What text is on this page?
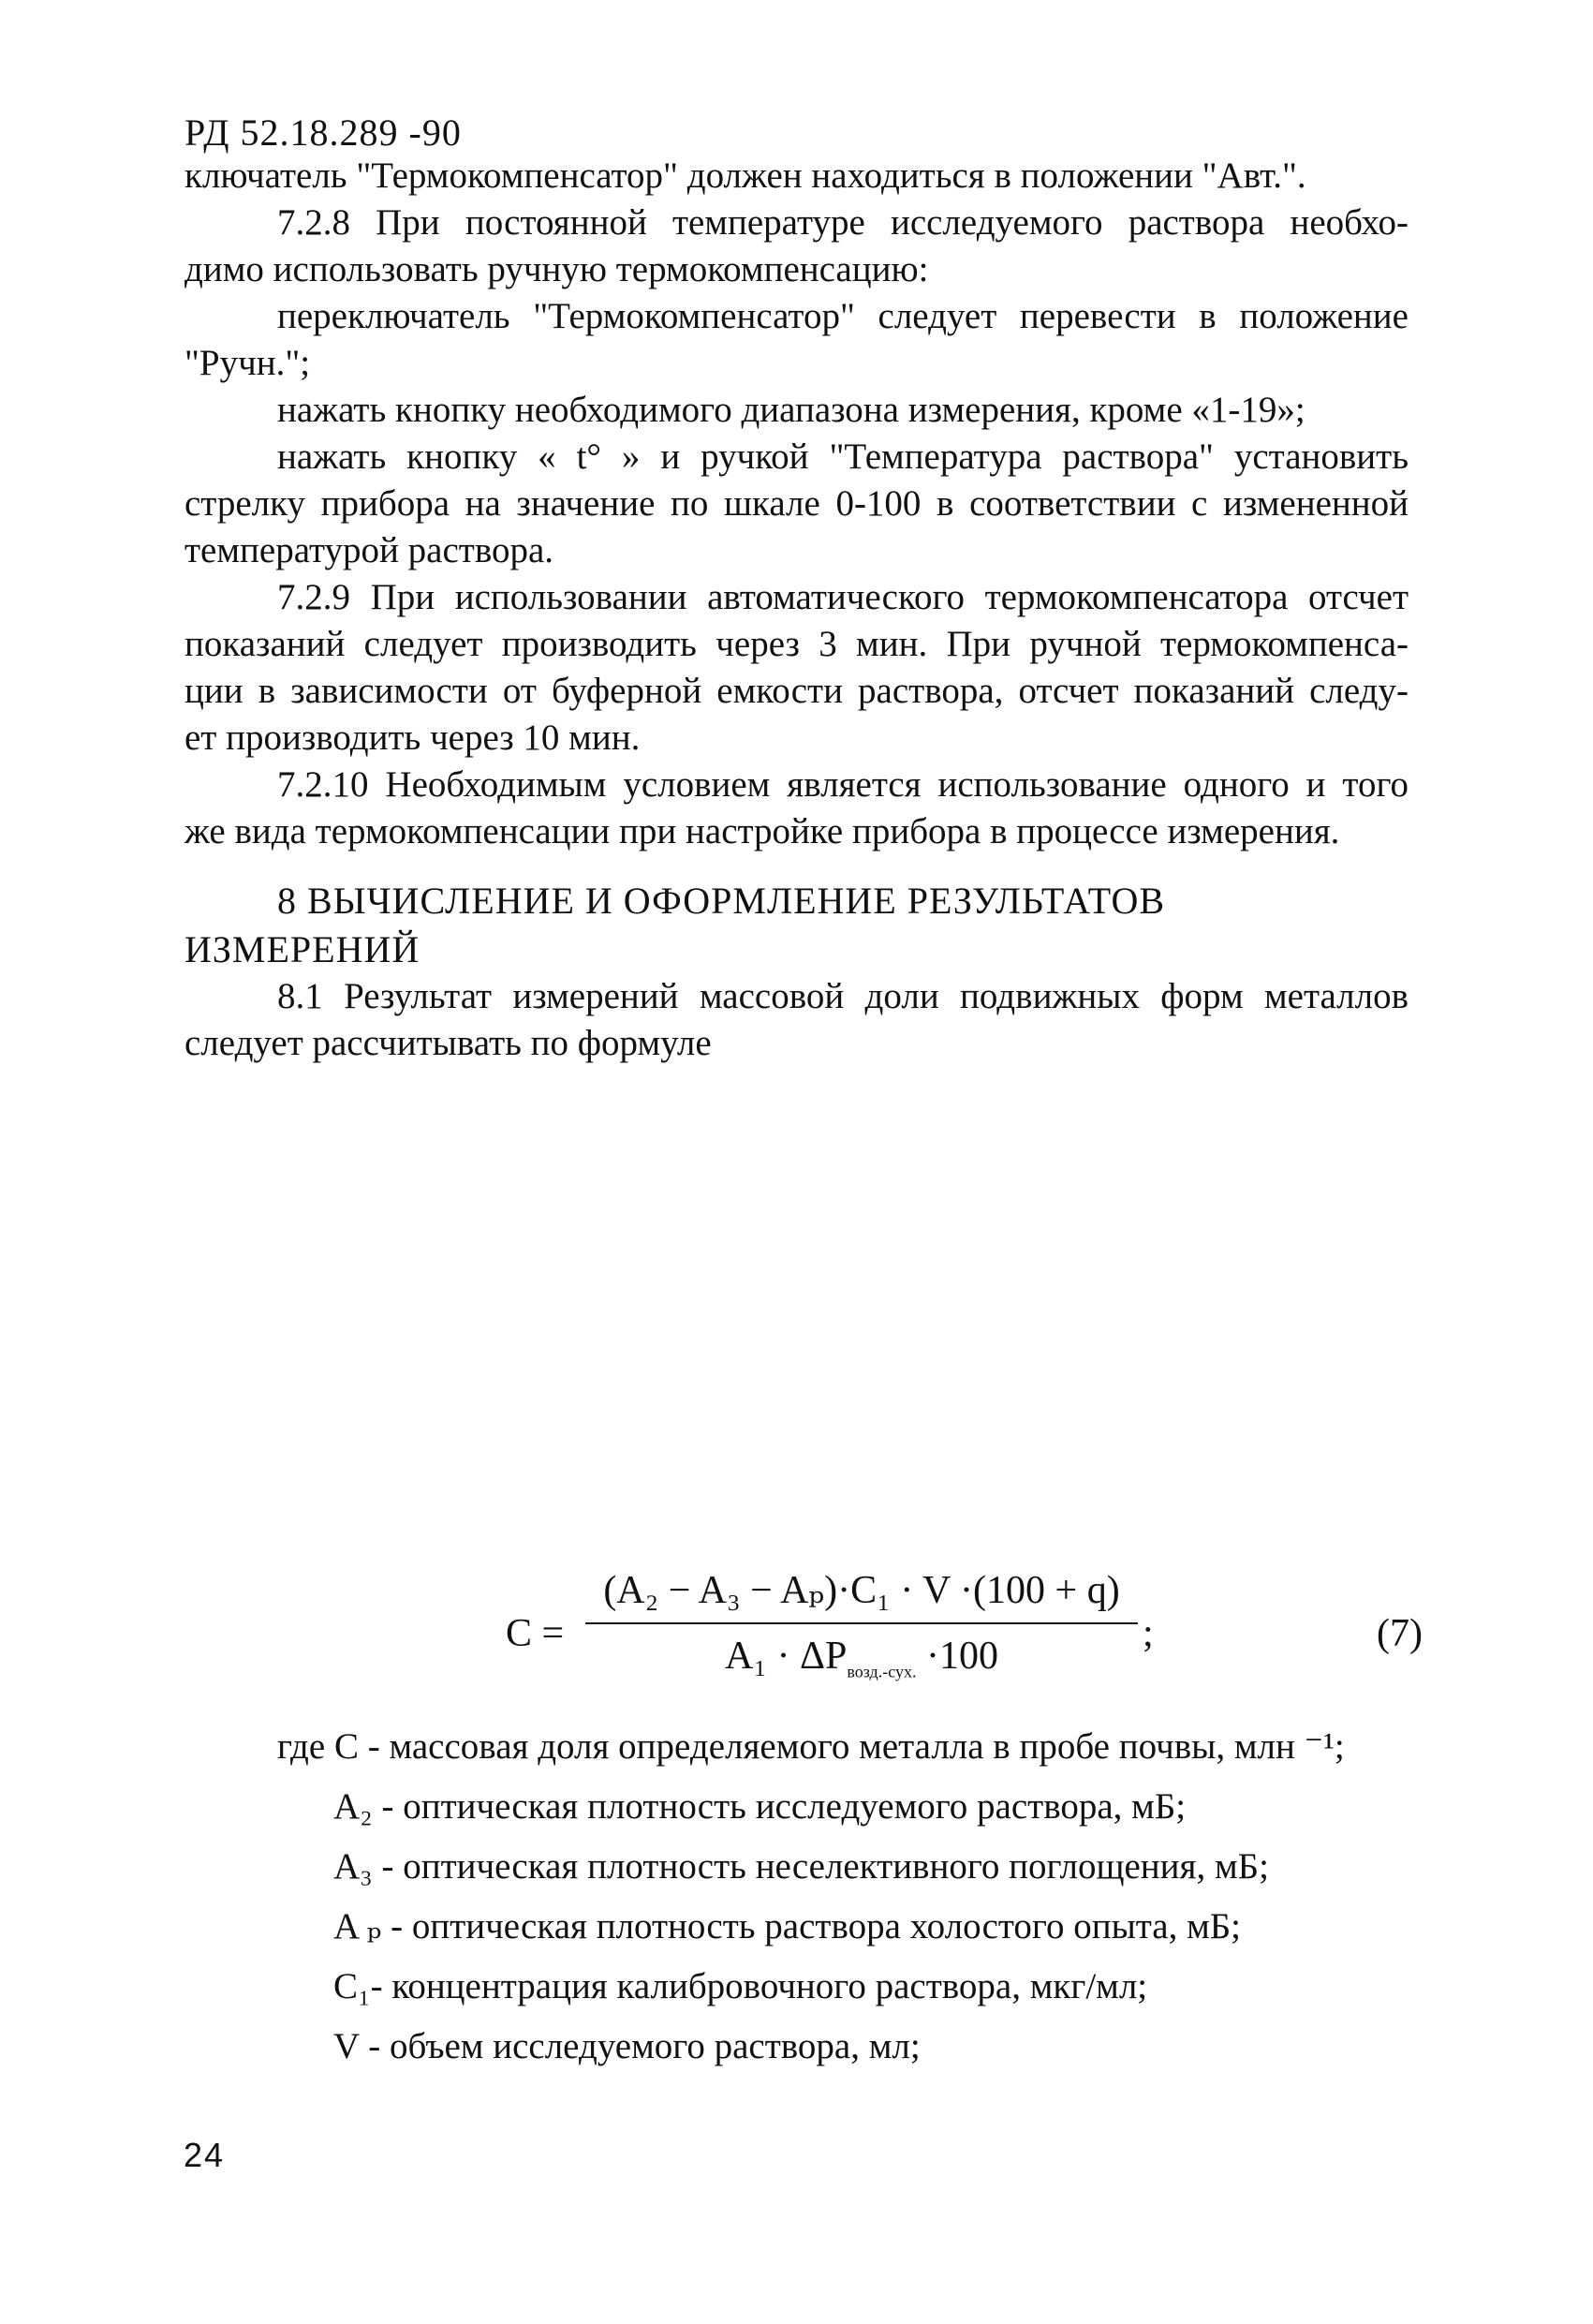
РД 52.18.289 -90
ключатель "Термокомпенсатор" должен находиться в положении "Авт.".
7.2.8 При постоянной температуре исследуемого раствора необхо-
димо использовать ручную термокомпенсацию:
переключатель "Термокомпенсатор" следует перевести в положение
"Ручн.";
нажать кнопку необходимого диапазона измерения, кроме «1-19»;
нажать кнопку « t° » и ручкой "Температура раствора" установить
стрелку прибора на значение по шкале 0-100 в соответствии с измененной
температурой раствора.
7.2.9 При использовании автоматического термокомпенсатора отсчет
показаний следует производить через 3 мин. При ручной термокомпенса-
ции в зависимости от буферной емкости раствора, отсчет показаний следу-
ет производить через 10 мин.
7.2.10 Необходимым условием является использование одного и того
же вида термокомпенсации при настройке прибора в процессе измерения.
8 ВЫЧИСЛЕНИЕ И ОФОРМЛЕНИЕ РЕЗУЛЬТАТОВ
ИЗМЕРЕНИЙ
8.1 Результат измерений массовой доли подвижных форм металлов
следует рассчитывать по формуле
C =
(A₂ − A₃ − Aₚ)·C₁ · V ·(100 + q)
$A_1 \cdot \Delta P_{возд.-сух.} \cdot 100$
;	(7)
где С - массовая доля определяемого металла в пробе почвы, млн ⁻¹;
A₂ - оптическая плотность исследуемого раствора, мБ;
A₃ - оптическая плотность неселективного поглощения, мБ;
A ₚ - оптическая плотность раствора холостого опыта, мБ;
C₁- концентрация калибровочного раствора, мкг/мл;
V - объем исследуемого раствора, мл;
24
